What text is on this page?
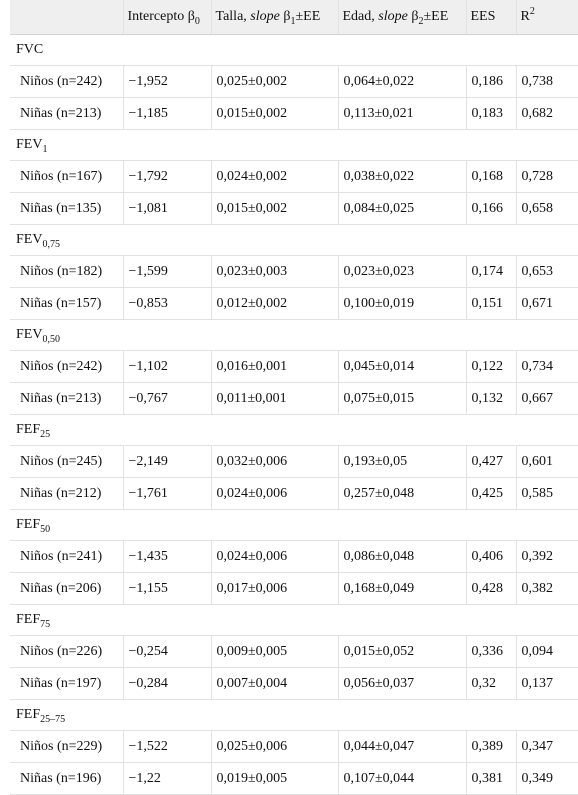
	Intercepto $\beta_0$	Talla, slope $\beta_1\pm EE$	Edad, slope $\beta_2\pm EE$	EES	$R^2$
FVC					
Niños (n=242)	−1,952	0,025±0,002	0,064±0,022	0,186	0,738
Niñas (n=213)	−1,185	0,015±0,002	0,113±0,021	0,183	0,682
$FEV_1$
Niños (n=167)	−1,792	0,024±0,002	0,038±0,022	0,168	0,728
Niñas (n=135)	−1,081	0,015±0,002	0,084±0,025	0,166	0,658
$FEV_{0,75}$
Niños (n=182)	−1,599	0,023±0,003	0,023±0,023	0,174	0,653
Niñas (n=157)	−0,853	0,012±0,002	0,100±0,019	0,151	0,671
$FEV_{0,50}$
Niños (n=242)	−1,102	0,016±0,001	0,045±0,014	0,122	0,734
Niñas (n=213)	−0,767	0,011±0,001	0,075±0,015	0,132	0,667
$FEF_{25}$
Niños (n=245)	−2,149	0,032±0,006	0,193±0,05	0,427	0,601
Niñas (n=212)	−1,761	0,024±0,006	0,257±0,048	0,425	0,585
$FEF_{50}$
Niños (n=241)	−1,435	0,024±0,006	0,086±0,048	0,406	0,392
Niñas (n=206)	−1,155	0,017±0,006	0,168±0,049	0,428	0,382
$FEF_{75}$
Niños (n=226)	−0,254	0,009±0,005	0,015±0,052	0,336	0,094
Niñas (n=197)	−0,284	0,007±0,004	0,056±0,037	0,32	0,137
$FEF_{25-75}$
Niños (n=229)	−1,522	0,025±0,006	0,044±0,047	0,389	0,347
Niñas (n=196)	−1,22	0,019±0,005	0,107±0,044	0,381	0,349
